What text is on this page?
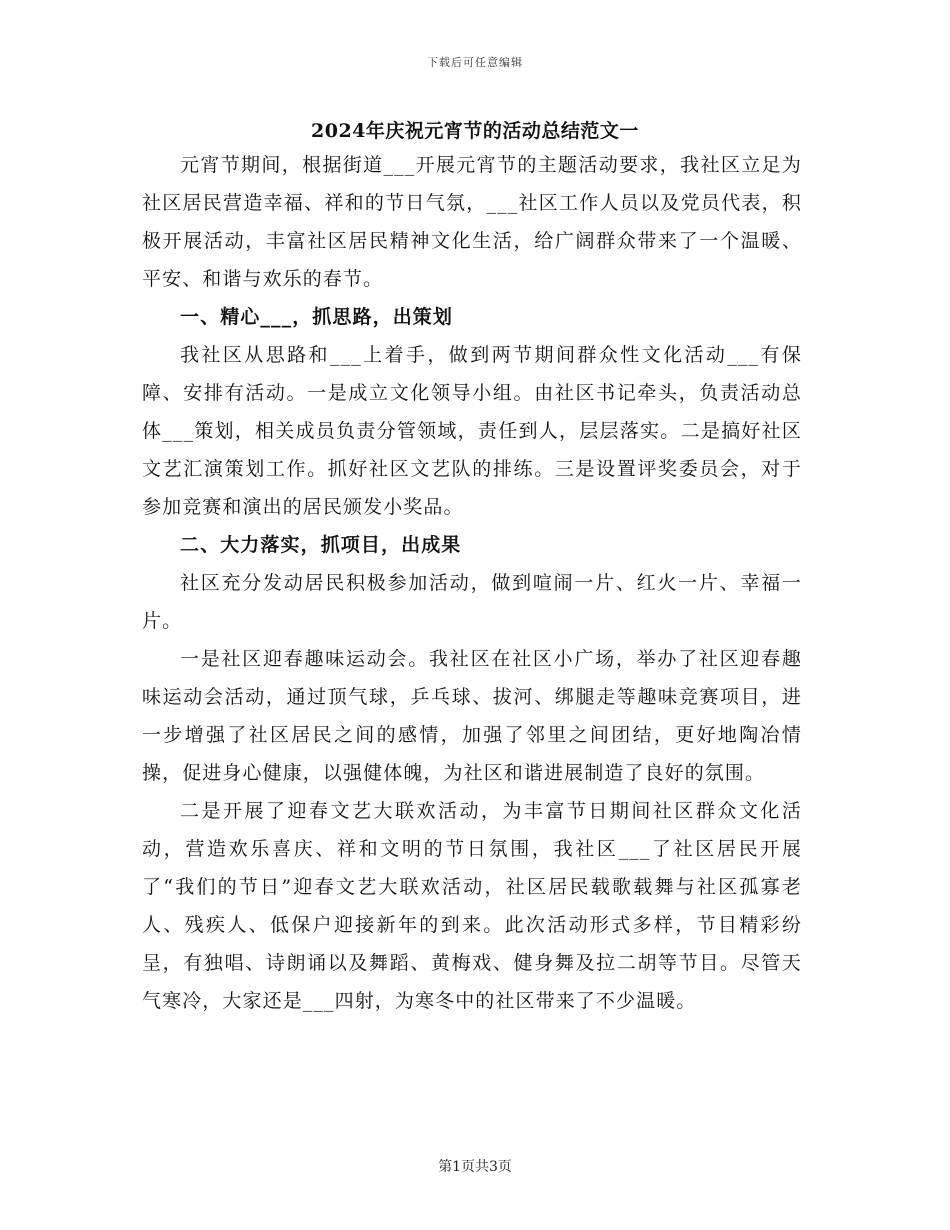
下载后可任意编辑
2024年庆祝元宵节的活动总结范文一

元宵节期间，根据街道___开展元宵节的主题活动要求，我社区立足为社区居民营造幸福、祥和的节日气氛，___社区工作人员以及党员代表，积极开展活动，丰富社区居民精神文化生活，给广阔群众带来了一个温暖、平安、和谐与欢乐的春节。

一、精心___，抓思路，出策划

我社区从思路和___上着手，做到两节期间群众性文化活动___有保障、安排有活动。一是成立文化领导小组。由社区书记牵头，负责活动总体___策划，相关成员负责分管领域，责任到人，层层落实。二是搞好社区文艺汇演策划工作。抓好社区文艺队的排练。三是设置评奖委员会，对于参加竞赛和演出的居民颁发小奖品。

二、大力落实，抓项目，出成果

社区充分发动居民积极参加活动，做到喧闹一片、红火一片、幸福一片。

一是社区迎春趣味运动会。我社区在社区小广场，举办了社区迎春趣味运动会活动，通过顶气球，乒乓球、拔河、绑腿走等趣味竞赛项目，进一步增强了社区居民之间的感情，加强了邻里之间团结，更好地陶冶情操，促进身心健康，以强健体魄，为社区和谐进展制造了良好的氛围。

二是开展了迎春文艺大联欢活动，为丰富节日期间社区群众文化活动，营造欢乐喜庆、祥和文明的节日氛围，我社区___了社区居民开展了“我们的节日”迎春文艺大联欢活动，社区居民载歌载舞与社区孤寡老人、残疾人、低保户迎接新年的到来。此次活动形式多样，节目精彩纷呈，有独唱、诗朗诵以及舞蹈、黄梅戏、健身舞及拉二胡等节目。尽管天气寒冷，大家还是___四射，为寒冬中的社区带来了不少温暖。

第1页共3页
